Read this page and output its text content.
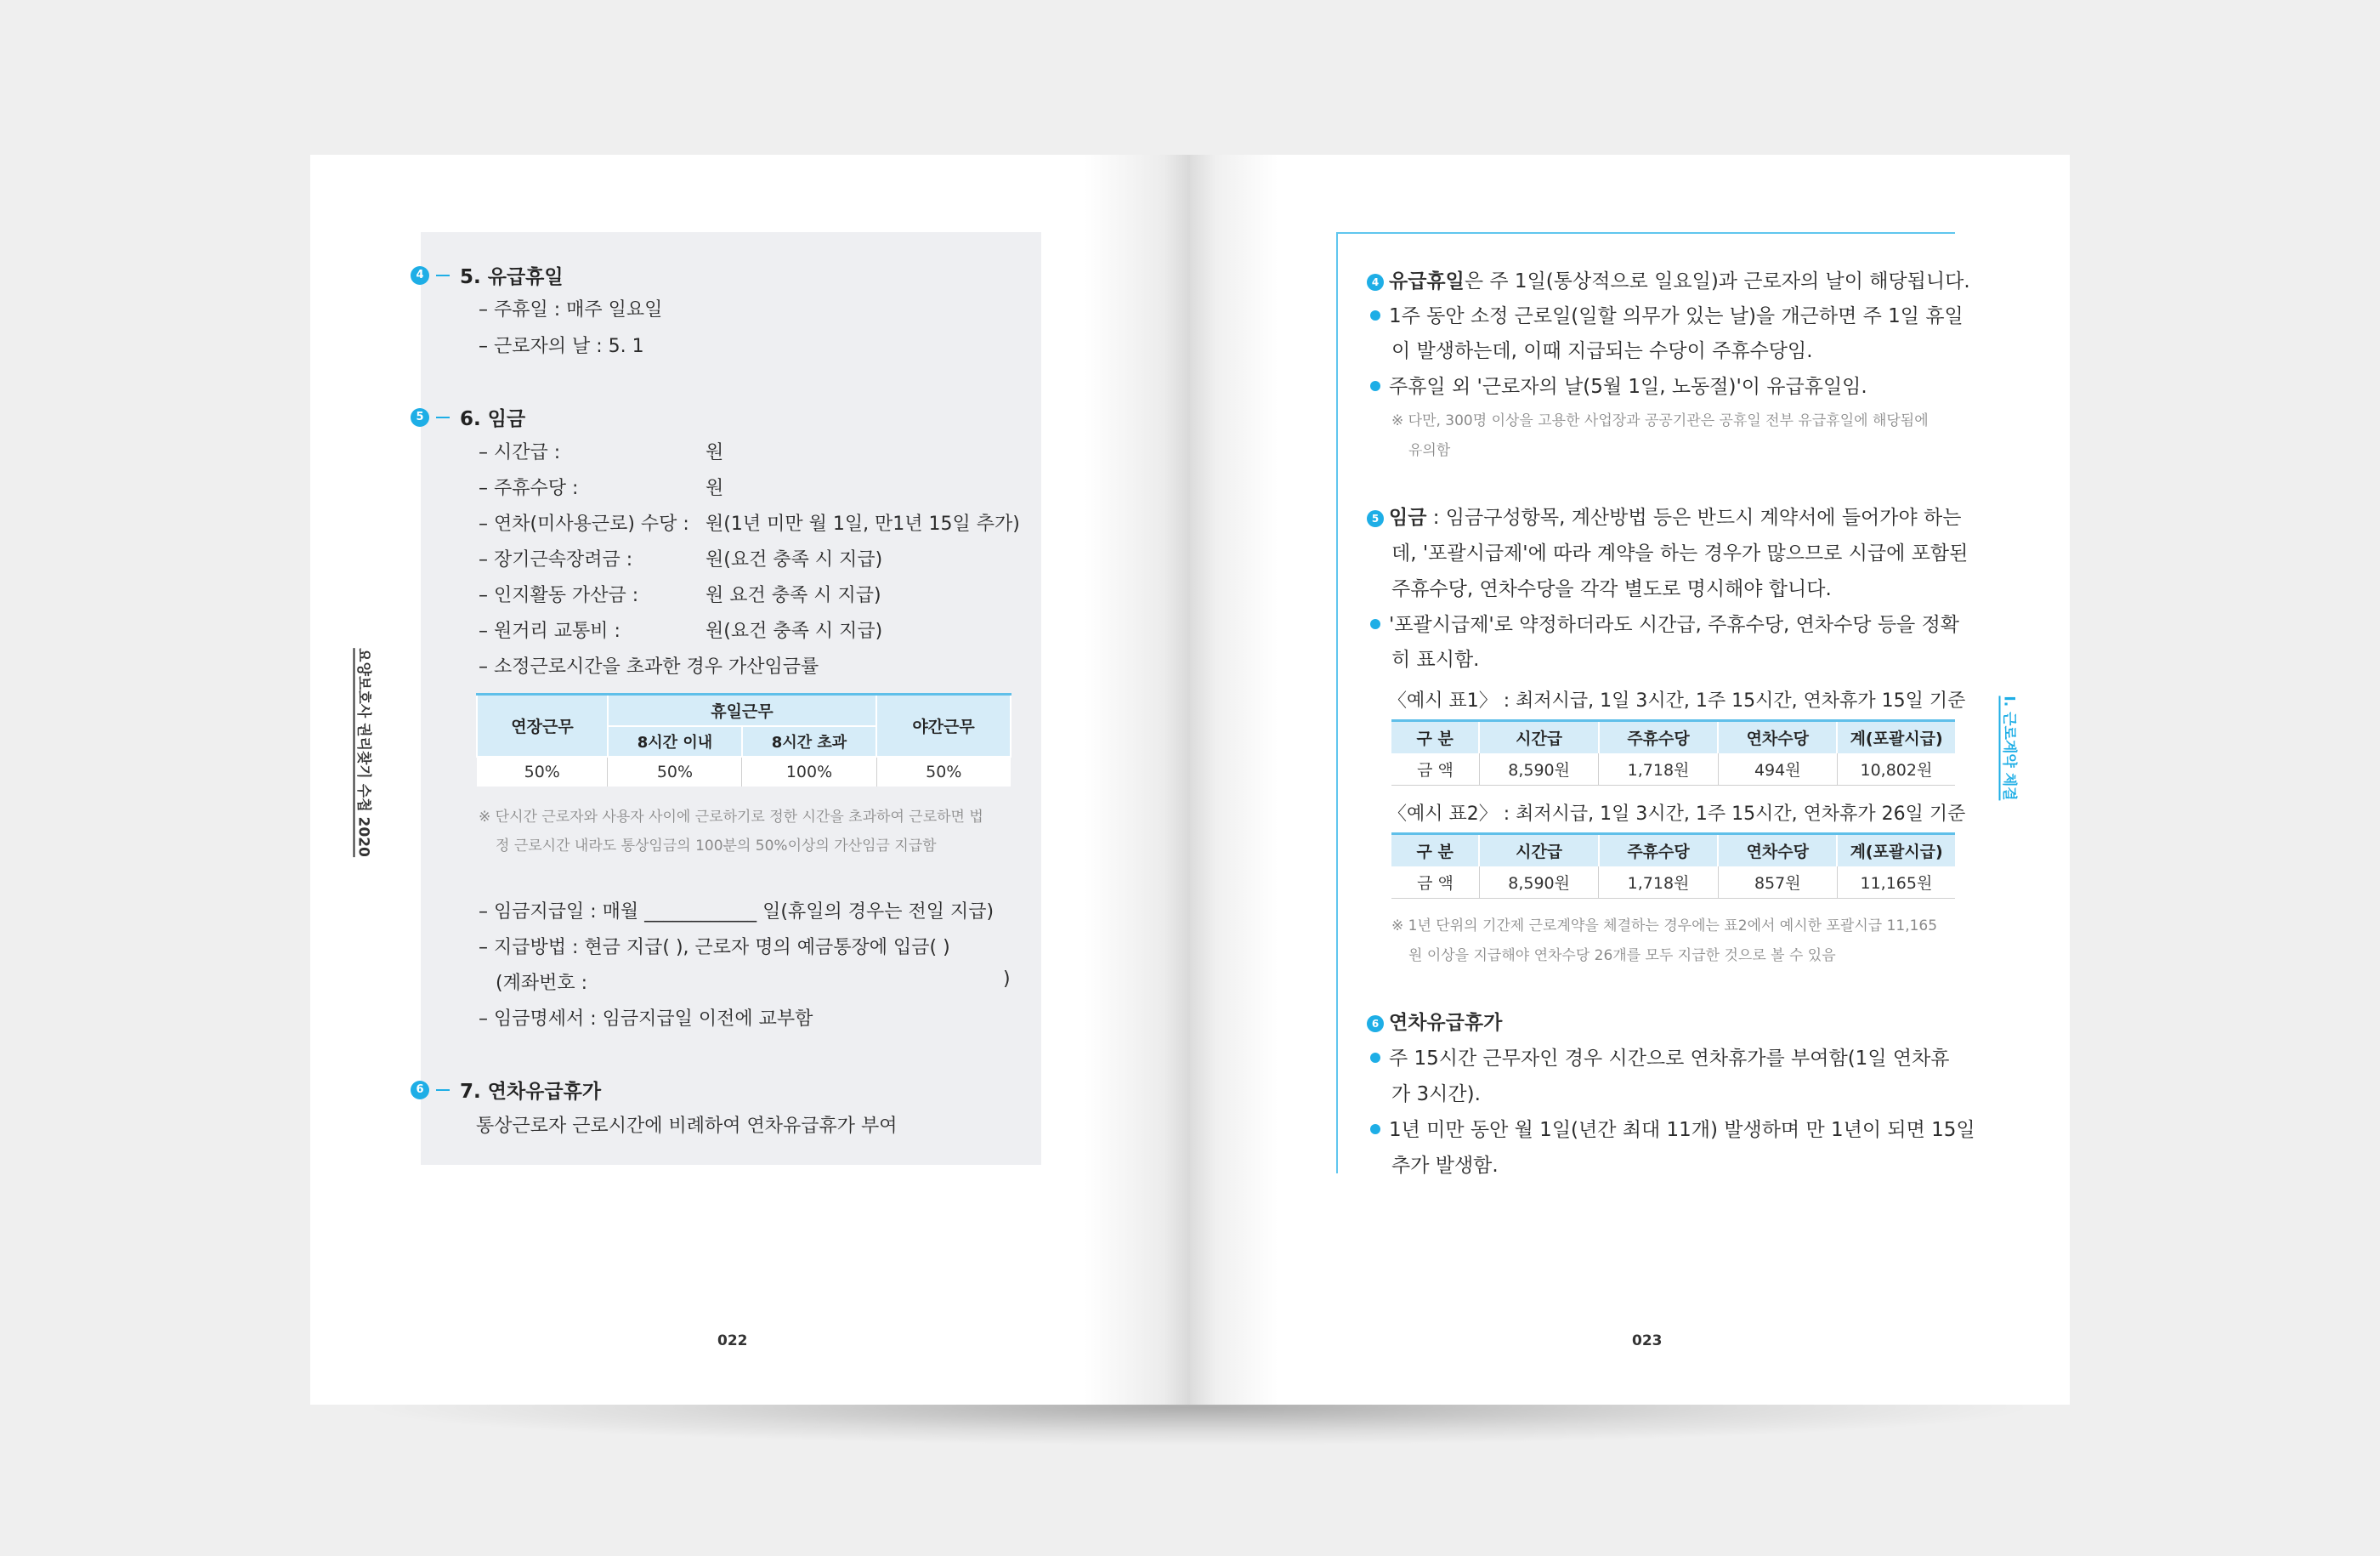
요양보호사 권리찾기 수첩 2020
4 5. 유급휴일
– 주휴일 : 매주 일요일
– 근로자의 날 : 5. 1
5 6. 임금
– 시간급 :	원
– 주휴수당 :	원
– 연차(미사용근로) 수당 : 원(1년 미만 월 1일, 만1년 15일 추가)
– 장기근속장려금 :	원(요건 충족 시 지급)
– 인지활동 가산금 :	원 요건 충족 시 지급)
– 원거리 교통비 :	원(요건 충족 시 지급)
– 소정근로시간을 초과한 경우 가산임금률
연장근무	휴일근무		야간근무
	8시간 이내	8시간 초과	
50%	50%	100%	50%
※ 단시간 근로자와 사용자 사이에 근로하기로 정한 시간을 초과하여 근로하면 법
정 근로시간 내라도 통상임금의 100분의 50%이상의 가산임금 지급함
– 임금지급일 : 매월 ____________ 일(휴일의 경우는 전일 지급)
– 지급방법 : 현금 지급( ), 근로자 명의 예금통장에 입금( )
(계좌번호 :	)
– 임금명세서 : 임금지급일 이전에 교부함
6 7. 연차유급휴가
통상근로자 근로시간에 비례하여 연차유급휴가 부여
022
I. 근로계약 체결
4 유급휴일은 주 1일(통상적으로 일요일)과 근로자의 날이 해당됩니다.
1주 동안 소정 근로일(일할 의무가 있는 날)을 개근하면 주 1일 휴일
이 발생하는데, 이때 지급되는 수당이 주휴수당임.
주휴일 외 '근로자의 날(5월 1일, 노동절)'이 유급휴일임.
※ 다만, 300명 이상을 고용한 사업장과 공공기관은 공휴일 전부 유급휴일에 해당됨에
유의함
5 임금 : 임금구성항목, 계산방법 등은 반드시 계약서에 들어가야 하는
데, '포괄시급제'에 따라 계약을 하는 경우가 많으므로 시급에 포함된
주휴수당, 연차수당을 각각 별도로 명시해야 합니다.
'포괄시급제'로 약정하더라도 시간급, 주휴수당, 연차수당 등을 정확
히 표시함.
〈예시 표1〉 : 최저시급, 1일 3시간, 1주 15시간, 연차휴가 15일 기준
구 분	시간급	주휴수당	연차수당	계(포괄시급)
금 액	8,590원	1,718원	494원	10,802원
〈예시 표2〉 : 최저시급, 1일 3시간, 1주 15시간, 연차휴가 26일 기준
구 분	시간급	주휴수당	연차수당	계(포괄시급)
금 액	8,590원	1,718원	857원	11,165원
※ 1년 단위의 기간제 근로계약을 체결하는 경우에는 표2에서 예시한 포괄시급 11,165
원 이상을 지급해야 연차수당 26개를 모두 지급한 것으로 볼 수 있음
6 연차유급휴가
주 15시간 근무자인 경우 시간으로 연차휴가를 부여함(1일 연차휴
가 3시간).
1년 미만 동안 월 1일(년간 최대 11개) 발생하며 만 1년이 되면 15일
추가 발생함.
023
